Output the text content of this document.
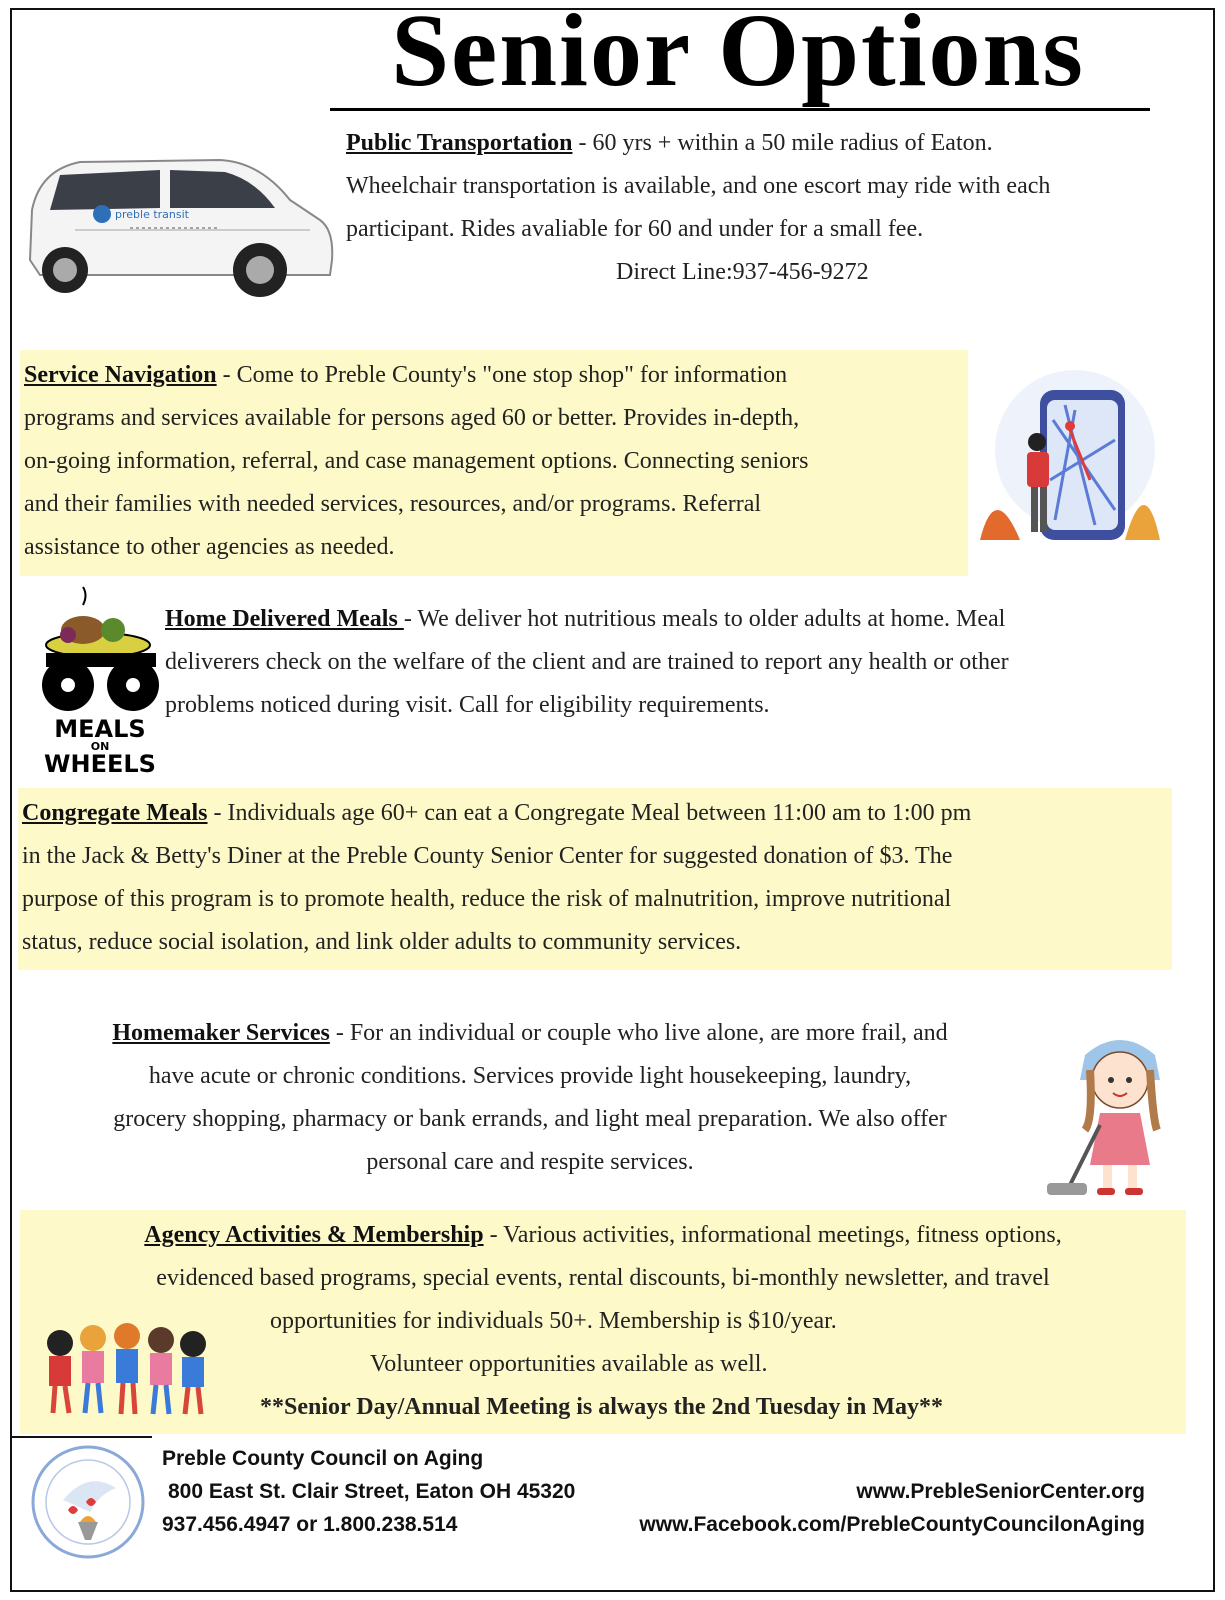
Senior Options
preble transit
Public Transportation - 60 yrs + within a 50 mile radius of Eaton.
Wheelchair transportation is available, and one escort may ride with each
participant. Rides avaliable for 60 and under for a small fee.
Direct Line:937-456-9272
Service Navigation - Come to Preble County's "one stop shop" for information
programs and services available for persons aged 60 or better. Provides in-depth,
on-going information, referral, and case management options. Connecting seniors
and their families with needed services, resources, and/or programs. Referral
assistance to other agencies as needed.
MEALS
ON
WHEELS
Home Delivered Meals - We deliver hot nutritious meals to older adults at home. Meal
deliverers check on the welfare of the client and are trained to report any health or other
problems noticed during visit. Call for eligibility requirements.
Congregate Meals - Individuals age 60+ can eat a Congregate Meal between 11:00 am to 1:00 pm
in the Jack & Betty's Diner at the Preble County Senior Center for suggested donation of $3. The
purpose of this program is to promote health, reduce the risk of malnutrition, improve nutritional
status, reduce social isolation, and link older adults to community services.
Homemaker Services - For an individual or couple who live alone, are more frail, and
have acute or chronic conditions. Services provide light housekeeping, laundry,
grocery shopping, pharmacy or bank errands, and light meal preparation. We also offer
personal care and respite services.
Agency Activities & Membership - Various activities, informational meetings, fitness options,
evidenced based programs, special events, rental discounts, bi-monthly newsletter, and travel
opportunities for individuals 50+. Membership is $10/year.
Volunteer opportunities available as well.
**Senior Day/Annual Meeting is always the 2nd Tuesday in May**
Preble County Council on Aging
800 East St. Clair Street, Eaton OH 45320
937.456.4947 or 1.800.238.514
www.PrebleSeniorCenter.org
www.Facebook.com/PrebleCountyCouncilonAging
